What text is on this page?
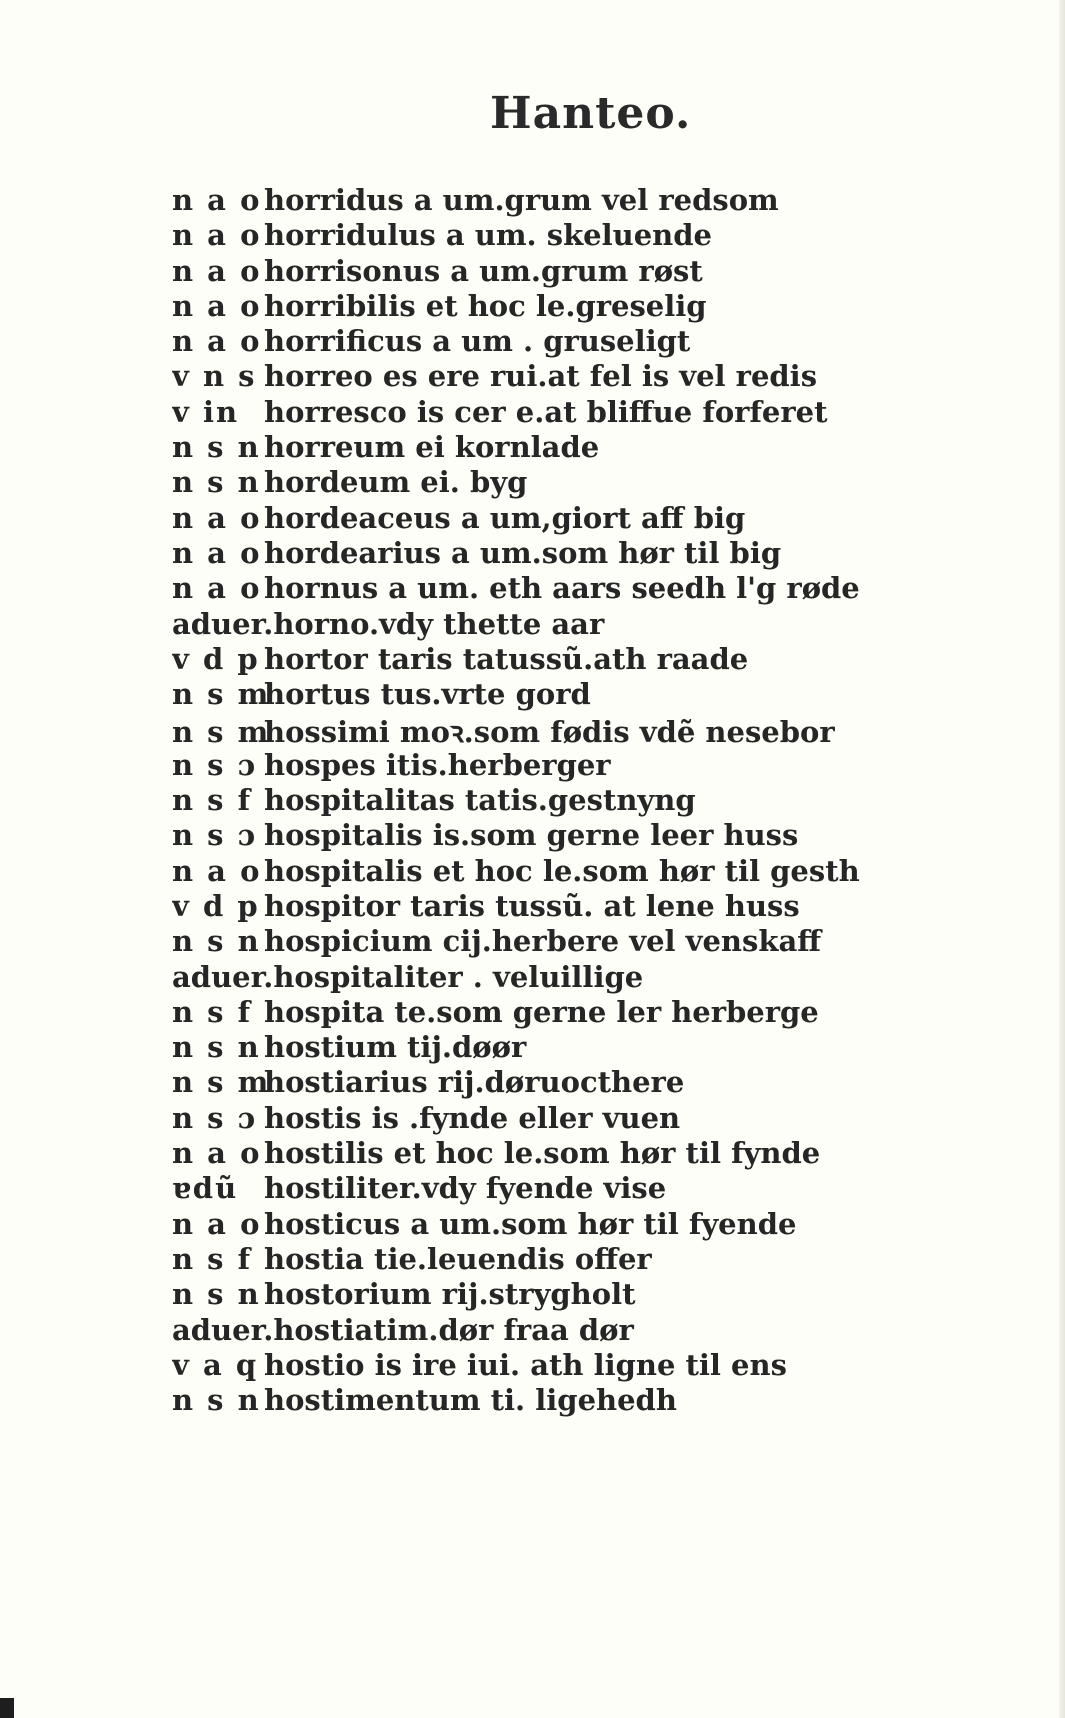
Hanteo.
n a o horridus a um.grum vel redsom
n a o horridulus a um. skeluende
n a o horrisonus a um.grum røst
n a o horribilis et hoc le.greselig
n a o horrificus a um . gruseligt
v n s horreo es ere rui.at fel is vel redis
v in horresco is cer e.at bliffue forferet
n s n horreum ei kornlade
n s n hordeum ei. byg
n a o hordeaceus a um,giort aff big
n a o hordearius a um.som hør til big
n a o hornus a um. eth aars seedh l'g røde
aduer.horno.vdy thette aar
v d p hortor taris tatussũ.ath raade
n s m
hortus tus.vrte gord
n s m
hossimi moꝛ.som fødis vdẽ nesebor
n s ɔ hospes itis.herberger
n s f hospitalitas tatis.gestnyng
n s ɔ hospitalis is.som gerne leer huss
n a o hospitalis et hoc le.som hør til gesth
v d p hospitor taris tussũ. at lene huss
n s n hospicium cij.herbere vel venskaff
aduer.hospitaliter . veluillige
n s f hospita te.som gerne ler herberge
n s n hostium tij.døør
n s m
hostiarius rij.døruocthere
n s ɔ hostis is .fynde eller vuen
n a o hostilis et hoc le.som hør til fynde
ɐdũ hostiliter.vdy fyende vise
n a o hosticus a um.som hør til fyende
n s f hostia tie.leuendis offer
n s n hostorium rij.strygholt
aduer.hostiatim.dør fraa dør
v a q hostio is ire iui. ath ligne til ens
n s n hostimentum ti. ligehedh
